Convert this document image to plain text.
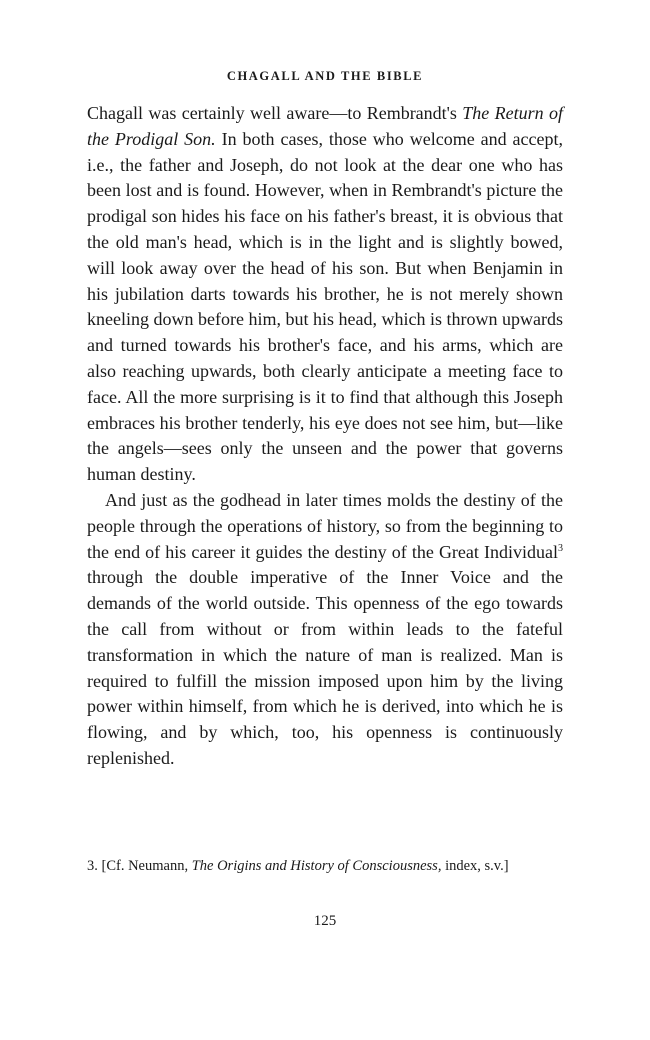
CHAGALL AND THE BIBLE

Chagall was certainly well aware—to Rembrandt's The Return of the Prodigal Son. In both cases, those who welcome and accept, i.e., the father and Joseph, do not look at the dear one who has been lost and is found. However, when in Rembrandt's picture the prodigal son hides his face on his father's breast, it is obvious that the old man's head, which is in the light and is slightly bowed, will look away over the head of his son. But when Benjamin in his jubilation darts towards his brother, he is not merely shown kneeling down before him, but his head, which is thrown upwards and turned towards his brother's face, and his arms, which are also reaching upwards, both clearly anticipate a meeting face to face. All the more surprising is it to find that although this Joseph embraces his brother tenderly, his eye does not see him, but—like the angels—sees only the unseen and the power that governs human destiny.

And just as the godhead in later times molds the destiny of the people through the operations of history, so from the beginning to the end of his career it guides the destiny of the Great Individual$^3$ through the double imperative of the Inner Voice and the demands of the world outside. This openness of the ego towards the call from without or from within leads to the fateful transformation in which the nature of man is realized. Man is required to fulfill the mission imposed upon him by the living power within himself, from which he is derived, into which he is flowing, and by which, too, his openness is continuously replenished.

3. [Cf. Neumann, The Origins and History of Consciousness, index, s.v.]
125
